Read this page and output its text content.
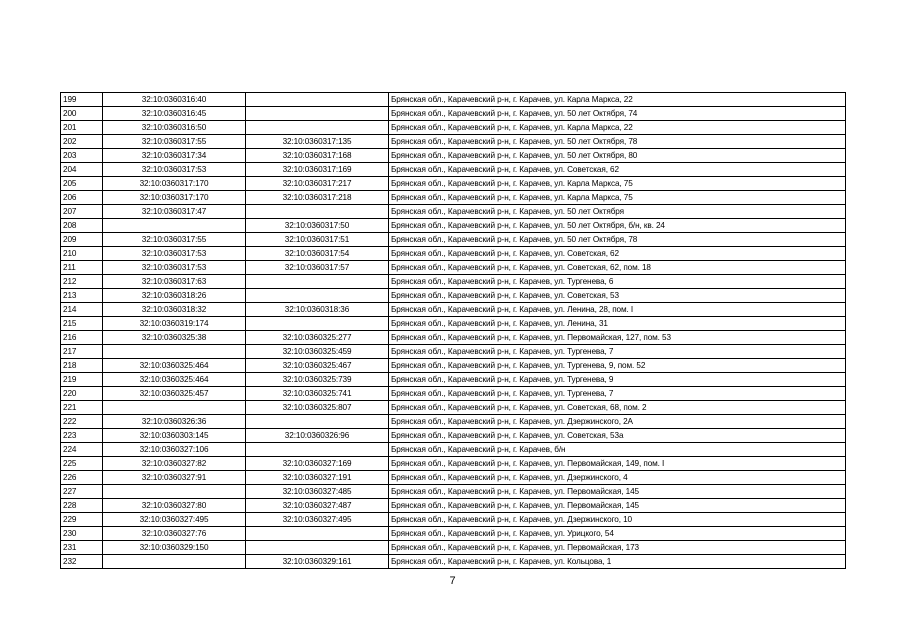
199	32:10:0360316:40		Брянская обл., Карачевский р-н, г. Карачев, ул. Карла Маркса, 22
200	32:10:0360316:45		Брянская обл., Карачевский р-н, г. Карачев, ул. 50 лет Октября, 74
201	32:10:0360316:50		Брянская обл., Карачевский р-н, г. Карачев, ул. Карла Маркса, 22
202	32:10:0360317:55	32:10:0360317:135	Брянская обл., Карачевский р-н, г. Карачев, ул. 50 лет Октября, 78
203	32:10:0360317:34	32:10:0360317:168	Брянская обл., Карачевский р-н, г. Карачев, ул. 50 лет Октября, 80
204	32:10:0360317:53	32:10:0360317:169	Брянская обл., Карачевский р-н, г. Карачев, ул. Советская, 62
205	32:10:0360317:170	32:10:0360317:217	Брянская обл., Карачевский р-н, г. Карачев, ул. Карла Маркса, 75
206	32:10:0360317:170	32:10:0360317:218	Брянская обл., Карачевский р-н, г. Карачев, ул. Карла Маркса, 75
207	32:10:0360317:47		Брянская обл., Карачевский р-н, г. Карачев, ул. 50 лет Октября
208		32:10:0360317:50	Брянская обл., Карачевский р-н, г. Карачев, ул. 50 лет Октября, б/н, кв. 24
209	32:10:0360317:55	32:10:0360317:51	Брянская обл., Карачевский р-н, г. Карачев, ул. 50 лет Октября, 78
210	32:10:0360317:53	32:10:0360317:54	Брянская обл., Карачевский р-н, г. Карачев, ул. Советская, 62
211	32:10:0360317:53	32:10:0360317:57	Брянская обл., Карачевский р-н, г. Карачев, ул. Советская, 62, пом. 18
212	32:10:0360317:63		Брянская обл., Карачевский р-н, г. Карачев, ул. Тургенева, 6
213	32:10:0360318:26		Брянская обл., Карачевский р-н, г. Карачев, ул. Советская, 53
214	32:10:0360318:32	32:10:0360318:36	Брянская обл., Карачевский р-н, г. Карачев, ул. Ленина, 28, пом. I
215	32:10:0360319:174		Брянская обл., Карачевский р-н, г. Карачев, ул. Ленина, 31
216	32:10:0360325:38	32:10:0360325:277	Брянская обл., Карачевский р-н, г. Карачев, ул. Первомайская, 127, пом. 53
217		32:10:0360325:459	Брянская обл., Карачевский р-н, г. Карачев, ул. Тургенева, 7
218	32:10:0360325:464	32:10:0360325:467	Брянская обл., Карачевский р-н, г. Карачев, ул. Тургенева, 9, пом. 52
219	32:10:0360325:464	32:10:0360325:739	Брянская обл., Карачевский р-н, г. Карачев, ул. Тургенева, 9
220	32:10:0360325:457	32:10:0360325:741	Брянская обл., Карачевский р-н, г. Карачев, ул. Тургенева, 7
221		32:10:0360325:807	Брянская обл., Карачевский р-н, г. Карачев, ул. Советская, 68, пом. 2
222	32:10:0360326:36		Брянская обл., Карачевский р-н, г. Карачев, ул. Дзержинского, 2А
223	32:10:0360303:145	32:10:0360326:96	Брянская обл., Карачевский р-н, г. Карачев, ул. Советская, 53а
224	32:10:0360327:106		Брянская обл., Карачевский р-н, г. Карачев, б/н
225	32:10:0360327:82	32:10:0360327:169	Брянская обл., Карачевский р-н, г. Карачев, ул. Первомайская, 149, пом. I
226	32:10:0360327:91	32:10:0360327:191	Брянская обл., Карачевский р-н, г. Карачев, ул. Дзержинского, 4
227		32:10:0360327:485	Брянская обл., Карачевский р-н, г. Карачев, ул. Первомайская, 145
228	32:10:0360327:80	32:10:0360327:487	Брянская обл., Карачевский р-н, г. Карачев, ул. Первомайская, 145
229	32:10:0360327:495	32:10:0360327:495	Брянская обл., Карачевский р-н, г. Карачев, ул. Дзержинского, 10
230	32:10:0360327:76		Брянская обл., Карачевский р-н, г. Карачев, ул. Урицкого, 54
231	32:10:0360329:150		Брянская обл., Карачевский р-н, г. Карачев, ул. Первомайская, 173
232		32:10:0360329:161	Брянская обл., Карачевский р-н, г. Карачев, ул. Кольцова, 1
7
